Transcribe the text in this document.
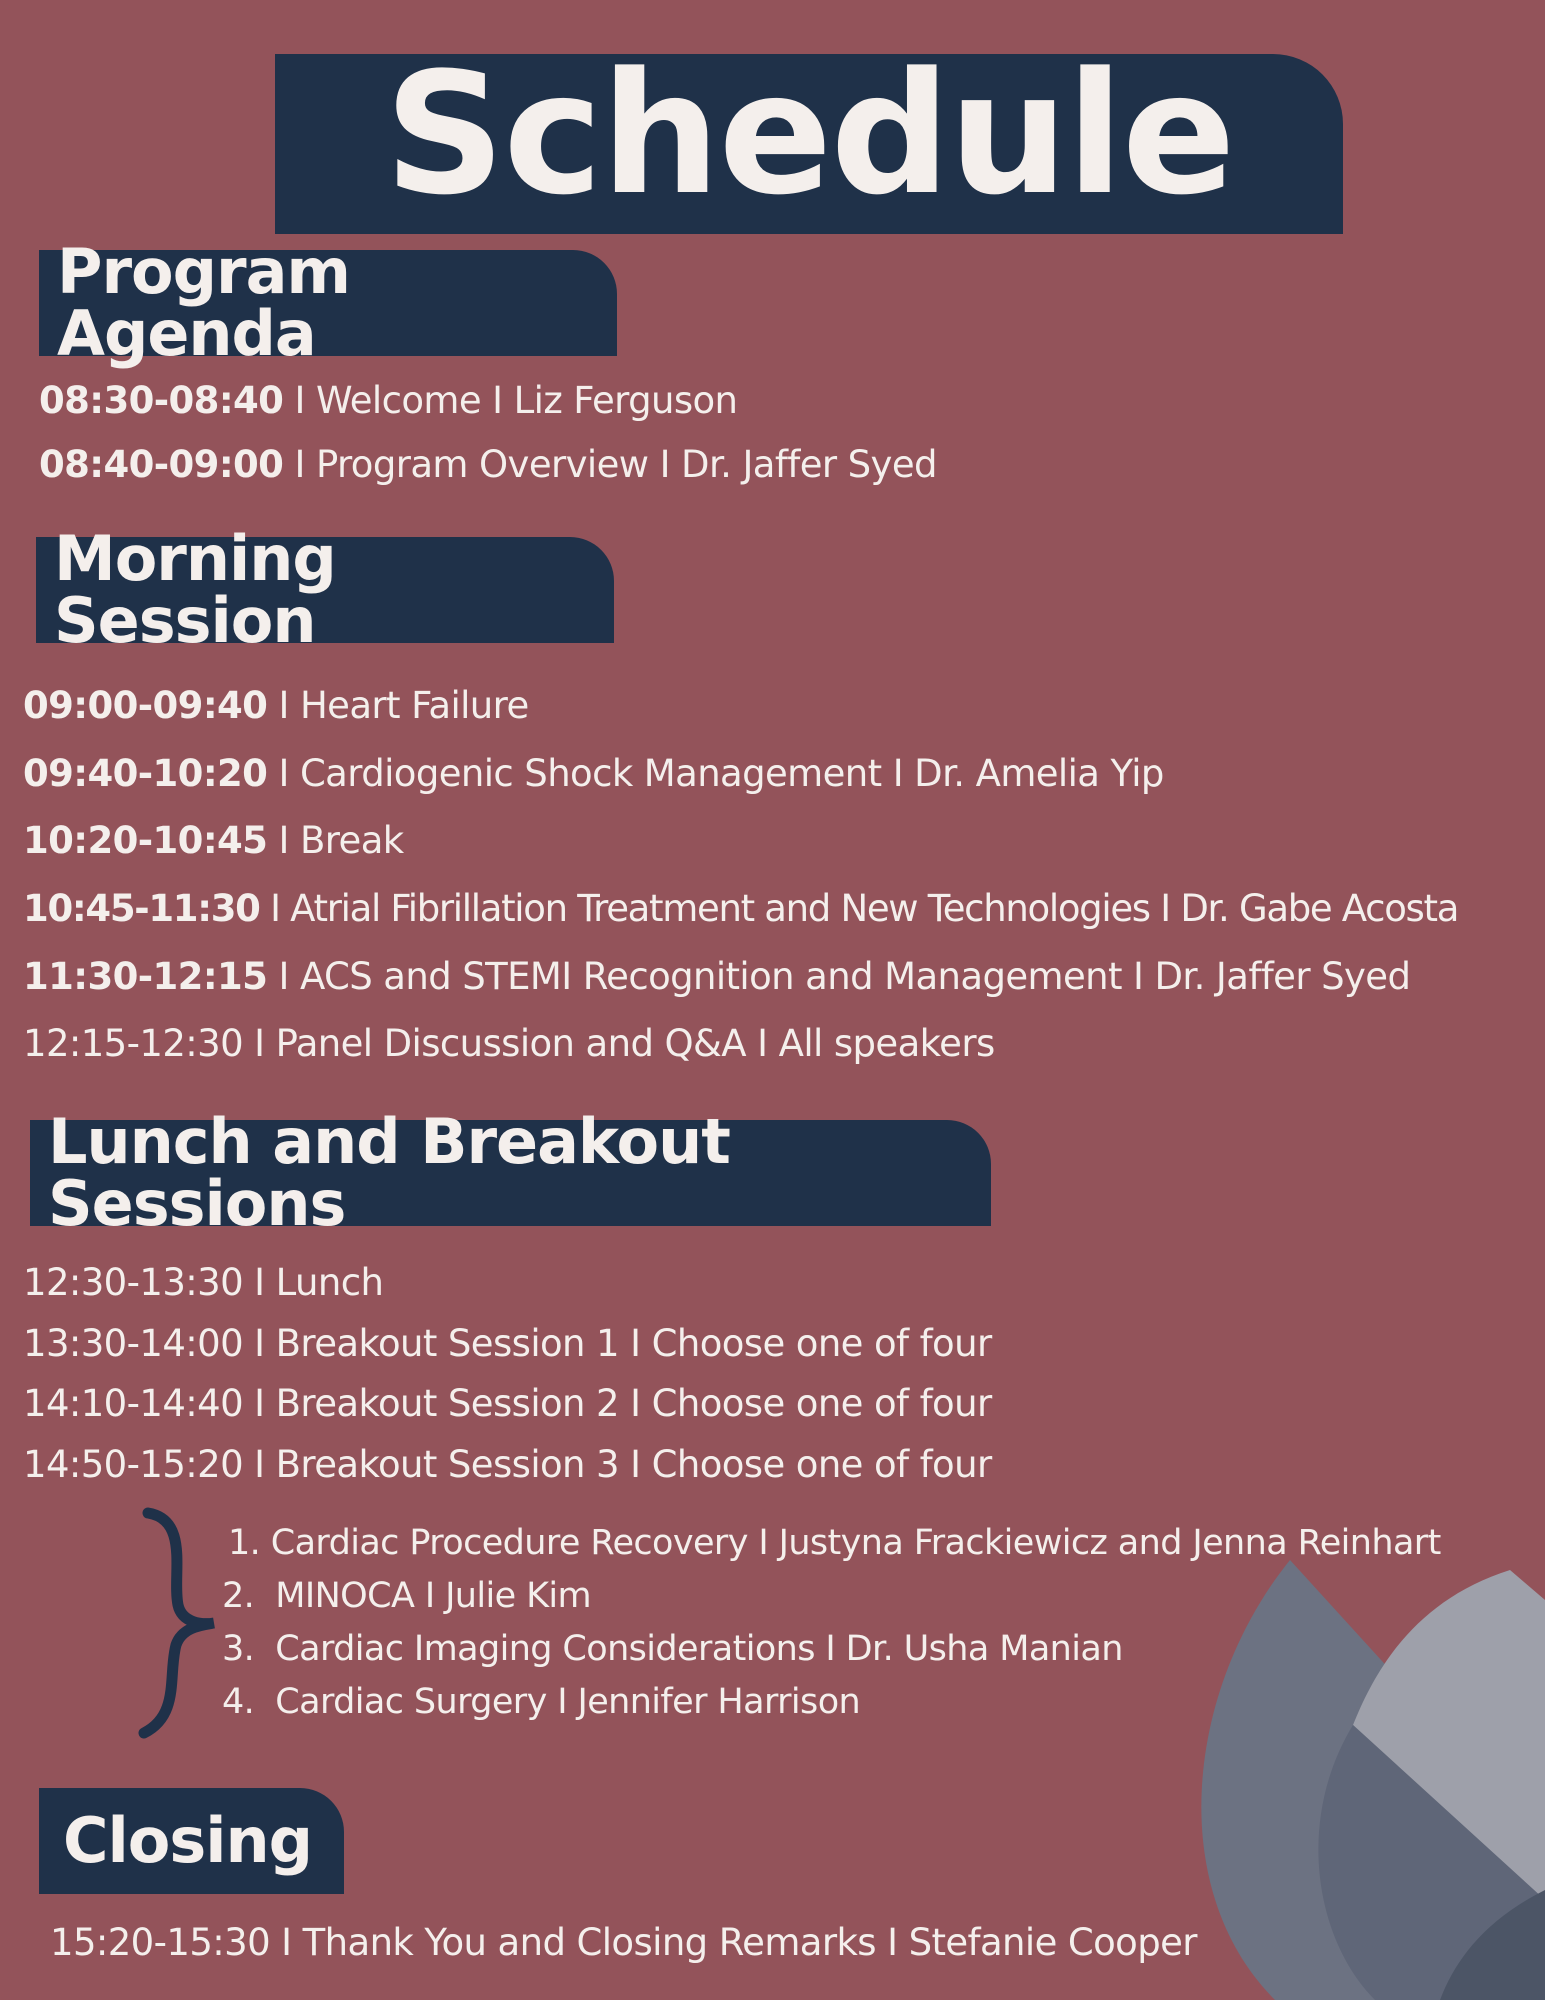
Schedule
Program Agenda
08:30-08:40 I Welcome I Liz Ferguson
08:40-09:00 I Program Overview I Dr. Jaffer Syed
Morning Session
09:00-09:40 I Heart Failure
09:40-10:20 I Cardiogenic Shock Management I Dr. Amelia Yip
10:20-10:45 I Break
10:45-11:30 I Atrial Fibrillation Treatment and New Technologies I Dr. Gabe Acosta
11:30-12:15 I ACS and STEMI Recognition and Management I Dr. Jaffer Syed
12:15-12:30 I Panel Discussion and Q&A I All speakers
Lunch and Breakout Sessions
12:30-13:30 I Lunch
13:30-14:00 I Breakout Session 1 I Choose one of four
14:10-14:40 I Breakout Session 2 I Choose one of four
14:50-15:20 I Breakout Session 3 I Choose one of four
1. Cardiac Procedure Recovery I Justyna Frackiewicz and Jenna Reinhart
2. MINOCA I Julie Kim
3. Cardiac Imaging Considerations I Dr. Usha Manian
4. Cardiac Surgery I Jennifer Harrison
Closing
15:20-15:30 I Thank You and Closing Remarks I Stefanie Cooper
